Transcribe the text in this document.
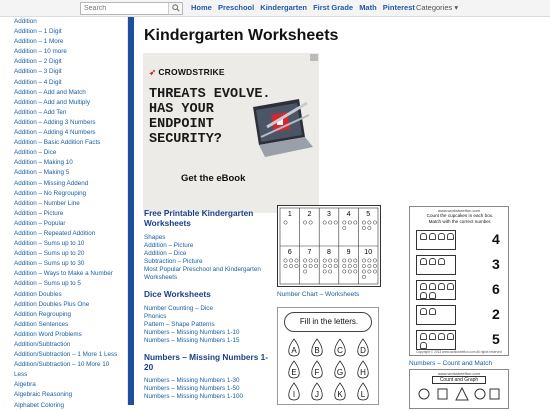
Search
Home Preschool Kindergarten First Grade Math Pinterest Categories ▾
Addition
Addition – 1 Digit
Addition – 1 More
Addition – 10 more
Addition – 2 Digit
Addition – 3 Digit
Addition – 4 Digit
Addition – Add and Match
Addition – Add and Multiply
Addition – Add Ten
Addition – Adding 3 Numbers
Addition – Adding 4 Numbers
Addition – Basic Addition Facts
Addition – Dice
Addition – Making 10
Addition – Making 5
Addition – Missing Addend
Addition – No Regrouping
Addition – Number Line
Addition – Picture
Addition – Popular
Addition – Repeated Addition
Addition – Sums up to 10
Addition – Sums up to 20
Addition – Sums up to 30
Addition – Ways to Make a Number
Addition – Sums up to 5
Addition Doubles
Addition Doubles Plus One
Addition Regrouping
Addition Sentences
Addition Word Problems
Addition/Subtraction
Addition/Subtraction – 1 More 1 Less
Addition/Subtraction – 10 More 10
Less
Algebra
Algebraic Reasoning
Alphabet Coloring
Kindergarten Worksheets
➶ CROWDSTRIKE
THREATS EVOLVE.
HAS YOUR
ENDPOINT
SECURITY?
Get the eBook
Free Printable Kindergarten Worksheets
Shapes
Addition – Picture
Addition – Dice
Subtraction – Picture
Most Popular Preschool and Kindergarten Worksheets
Dice Worksheets
Number Counting – Dice
Phonics
Pattern – Shape Patterns
Numbers – Missing Numbers 1-10
Numbers – Missing Numbers 1-15
Numbers – Missing Numbers 1-20
Numbers – Missing Numbers 1-30
Numbers – Missing Numbers 1-50
Numbers – Missing Numbers 1-100
1 2 3 4 5
6 7 8 9 10
Number Chart – Worksheets
Fill in the letters.
A B C D
E F G H
I J K L
www.worksheetfun.com
Count the cupcakes in each box.
Match with the correct number.
4
3
6
2
5
Copyright © 2013 www.worksheetfun.com All rights reserved
Numbers – Count and Match
www.worksheetfun.com
Count and Graph
